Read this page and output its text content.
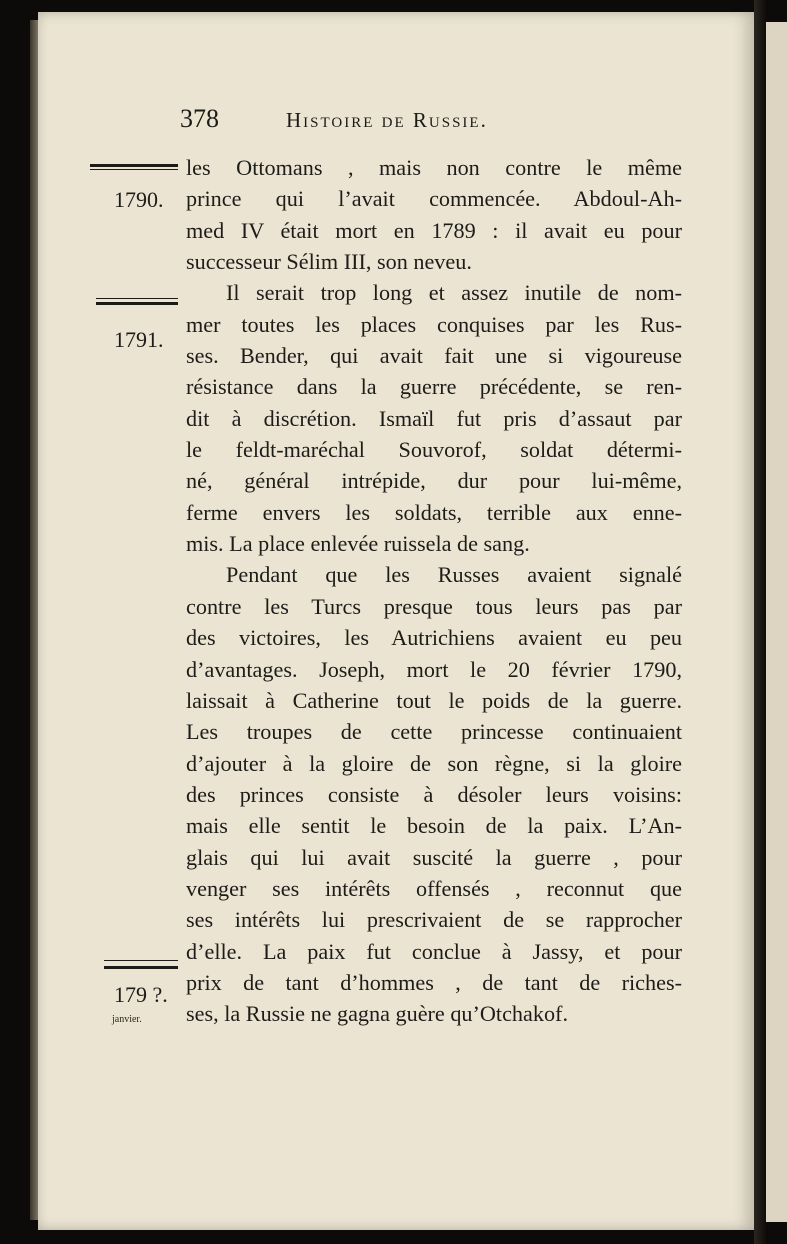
378	Histoire de Russie.
1790.
1791.
179 ?.
janvier.
les Ottomans , mais non contre le même
prince qui l’avait commencée. Abdoul-Ah-
med IV était mort en 1789 : il avait eu pour
successeur Sélim III, son neveu.
Il serait trop long et assez inutile de nom-
mer toutes les places conquises par les Rus-
ses. Bender, qui avait fait une si vigoureuse
résistance dans la guerre précédente, se ren-
dit à discrétion. Ismaïl fut pris d’assaut par
le feldt-maréchal Souvorof, soldat détermi-
né, général intrépide, dur pour lui-même,
ferme envers les soldats, terrible aux enne-
mis. La place enlevée ruissela de sang.
Pendant que les Russes avaient signalé
contre les Turcs presque tous leurs pas par
des victoires, les Autrichiens avaient eu peu
d’avantages. Joseph, mort le 20 février 1790,
laissait à Catherine tout le poids de la guerre.
Les troupes de cette princesse continuaient
d’ajouter à la gloire de son règne, si la gloire
des princes consiste à désoler leurs voisins:
mais elle sentit le besoin de la paix. L’An-
glais qui lui avait suscité la guerre , pour
venger ses intérêts offensés , reconnut que
ses intérêts lui prescrivaient de se rapprocher
d’elle. La paix fut conclue à Jassy, et pour
prix de tant d’hommes , de tant de riches-
ses, la Russie ne gagna guère qu’Otchakof.
